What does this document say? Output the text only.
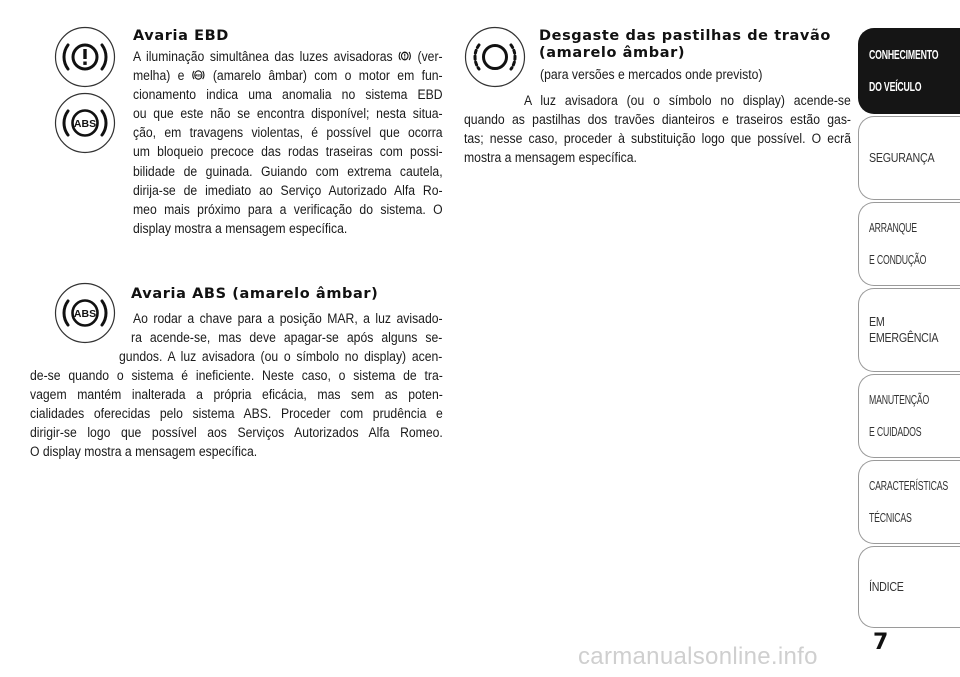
ABS
Avaria EBD
A iluminação simultânea das luzes avisadoras (ver-
melha) e	ABS (amarelo âmbar) com o motor em fun-
cionamento indica uma anomalia no sistema EBD
ou que este não se encontra disponível; nesta situa-
ção, em travagens violentas, é possível que ocorra
um bloqueio precoce das rodas traseiras com possi-
bilidade de guinada. Guiando com extrema cautela,
dirija-se de imediato ao Serviço Autorizado Alfa Ro-
meo mais próximo para a verificação do sistema. O
display mostra a mensagem específica.
ABS
Avaria ABS (amarelo âmbar)
Ao rodar a chave para a posição MAR, a luz avisado-
ra acende-se, mas deve apagar-se após alguns se-
gundos. A luz avisadora (ou o símbolo no display) acen-
de-se quando o sistema é ineficiente. Neste caso, o sistema de tra-
vagem mantém inalterada a própria eficácia, mas sem as poten-
cialidades oferecidas pelo sistema ABS. Proceder com prudência e
dirigir-se logo que possível aos Serviços Autorizados Alfa Romeo.
O display mostra a mensagem específica.
Desgaste das pastilhas de travão
(amarelo âmbar)
(para versões e mercados onde previsto)
A luz avisadora (ou o símbolo no display) acende-se
quando as pastilhas dos travões dianteiros e traseiros estão gas-
tas; nesse caso, proceder à substituição logo que possível. O ecrã
mostra a mensagem específica.
CONHECIMENTO

DO VEÍCULO
SEGURANÇA
ARRANQUE

E CONDUÇÃO
EM EMERGÊNCIA
MANUTENÇÃO

E CUIDADOS
CARACTERÍSTICAS

TÉCNICAS
ÍNDICE
7
carmanualsonline.info
